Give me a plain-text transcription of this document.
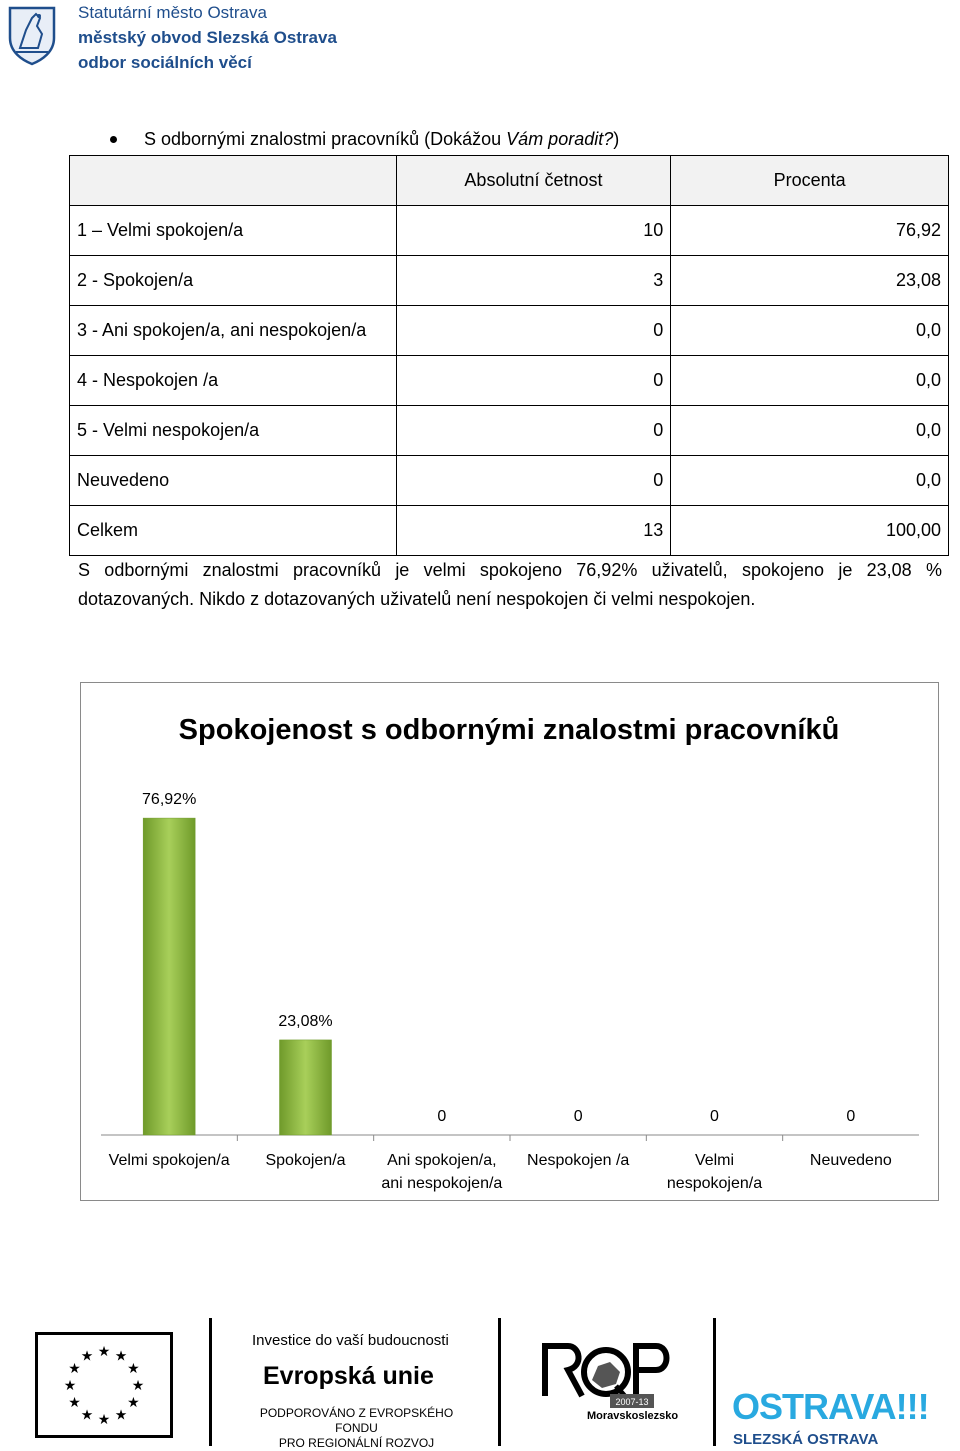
Statutární město Ostrava
městský obvod Slezská Ostrava
odbor sociálních věcí
S odbornými znalostmi pracovníků (Dokážou Vám poradit?)
	Absolutní četnost	Procenta
1 – Velmi spokojen/a	10	76,92
2 - Spokojen/a	3	23,08
3 - Ani spokojen/a, ani nespokojen/a	0	0,0
4 - Nespokojen /a	0	0,0
5 - Velmi nespokojen/a	0	0,0
Neuvedeno	0	0,0
Celkem	13	100,00
S odbornými znalostmi pracovníků je velmi spokojeno 76,92% uživatelů, spokojeno je 23,08 % dotazovaných. Nikdo z dotazovaných uživatelů není nespokojen či velmi nespokojen.
Spokojenost s odbornými znalostmi pracovníků
76,92%
Velmi spokojen/a
23,08%
Spokojen/a
0
Ani spokojen/a,
ani nespokojen/a
0
Nespokojen /a
0
Velmi
nespokojen/a
0
Neuvedeno
★ ★
★
★
★
★
★
★
★
★
★
★
Investice do vaší budoucnosti
Evropská unie
PODPOROVÁNO Z EVROPSKÉHO FONDU
PRO REGIONÁLNÍ ROZVOJ
2007-13
Moravskoslezsko OSTRAVA!!!
SLEZSKÁ OSTRAVA
